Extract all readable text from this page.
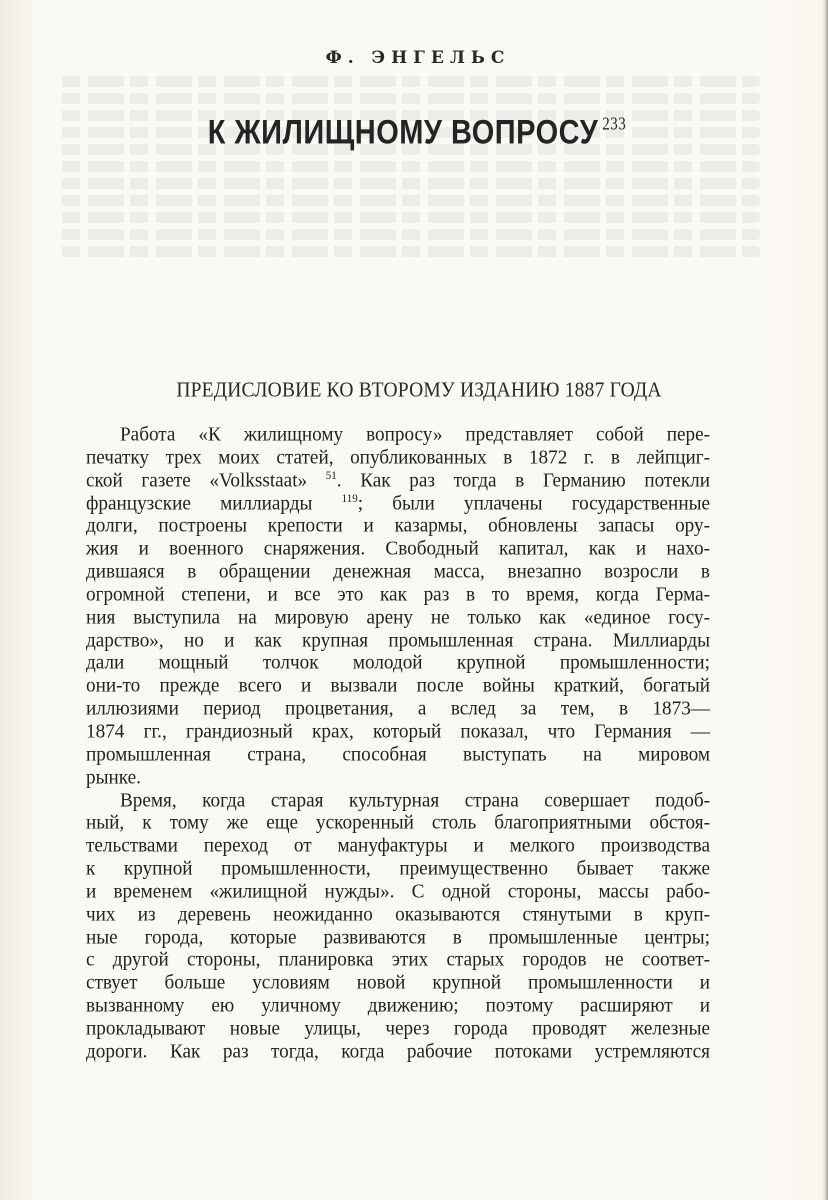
Ф. ЭНГЕЛЬС
К ЖИЛИЩНОМУ ВОПРОСУ $^{233}$
ПРЕДИСЛОВИЕ КО ВТОРОМУ ИЗДАНИЮ 1887 ГОДА
Работа «К жилищному вопросу» представляет собой пере-
печатку трех моих статей, опубликованных в 1872 г. в лейпциг-
ской газете «Volksstaat» $^{51}$. Как раз тогда в Германию потекли
французские миллиарды $^{119}$; были уплачены государственные
долги, построены крепости и казармы, обновлены запасы ору-
жия и военного снаряжения. Свободный капитал, как и нахо-
дившаяся в обращении денежная масса, внезапно возросли в
огромной степени, и все это как раз в то время, когда Герма-
ния выступила на мировую арену не только как «единое госу-
дарство», но и как крупная промышленная страна. Миллиарды
дали мощный толчок молодой крупной промышленности;
они-то прежде всего и вызвали после войны краткий, богатый
иллюзиями период процветания, а вслед за тем, в 1873—
1874 гг., грандиозный крах, который показал, что Германия —
промышленная страна, способная выступать на мировом
рынке.
Время, когда старая культурная страна совершает подоб-
ный, к тому же еще ускоренный столь благоприятными обстоя-
тельствами переход от мануфактуры и мелкого производства
к крупной промышленности, преимущественно бывает также
и временем «жилищной нужды». С одной стороны, массы рабо-
чих из деревень неожиданно оказываются стянутыми в круп-
ные города, которые развиваются в промышленные центры;
с другой стороны, планировка этих старых городов не соответ-
ствует больше условиям новой крупной промышленности и
вызванному ею уличному движению; поэтому расширяют и
прокладывают новые улицы, через города проводят железные
дороги. Как раз тогда, когда рабочие потоками устремляются
